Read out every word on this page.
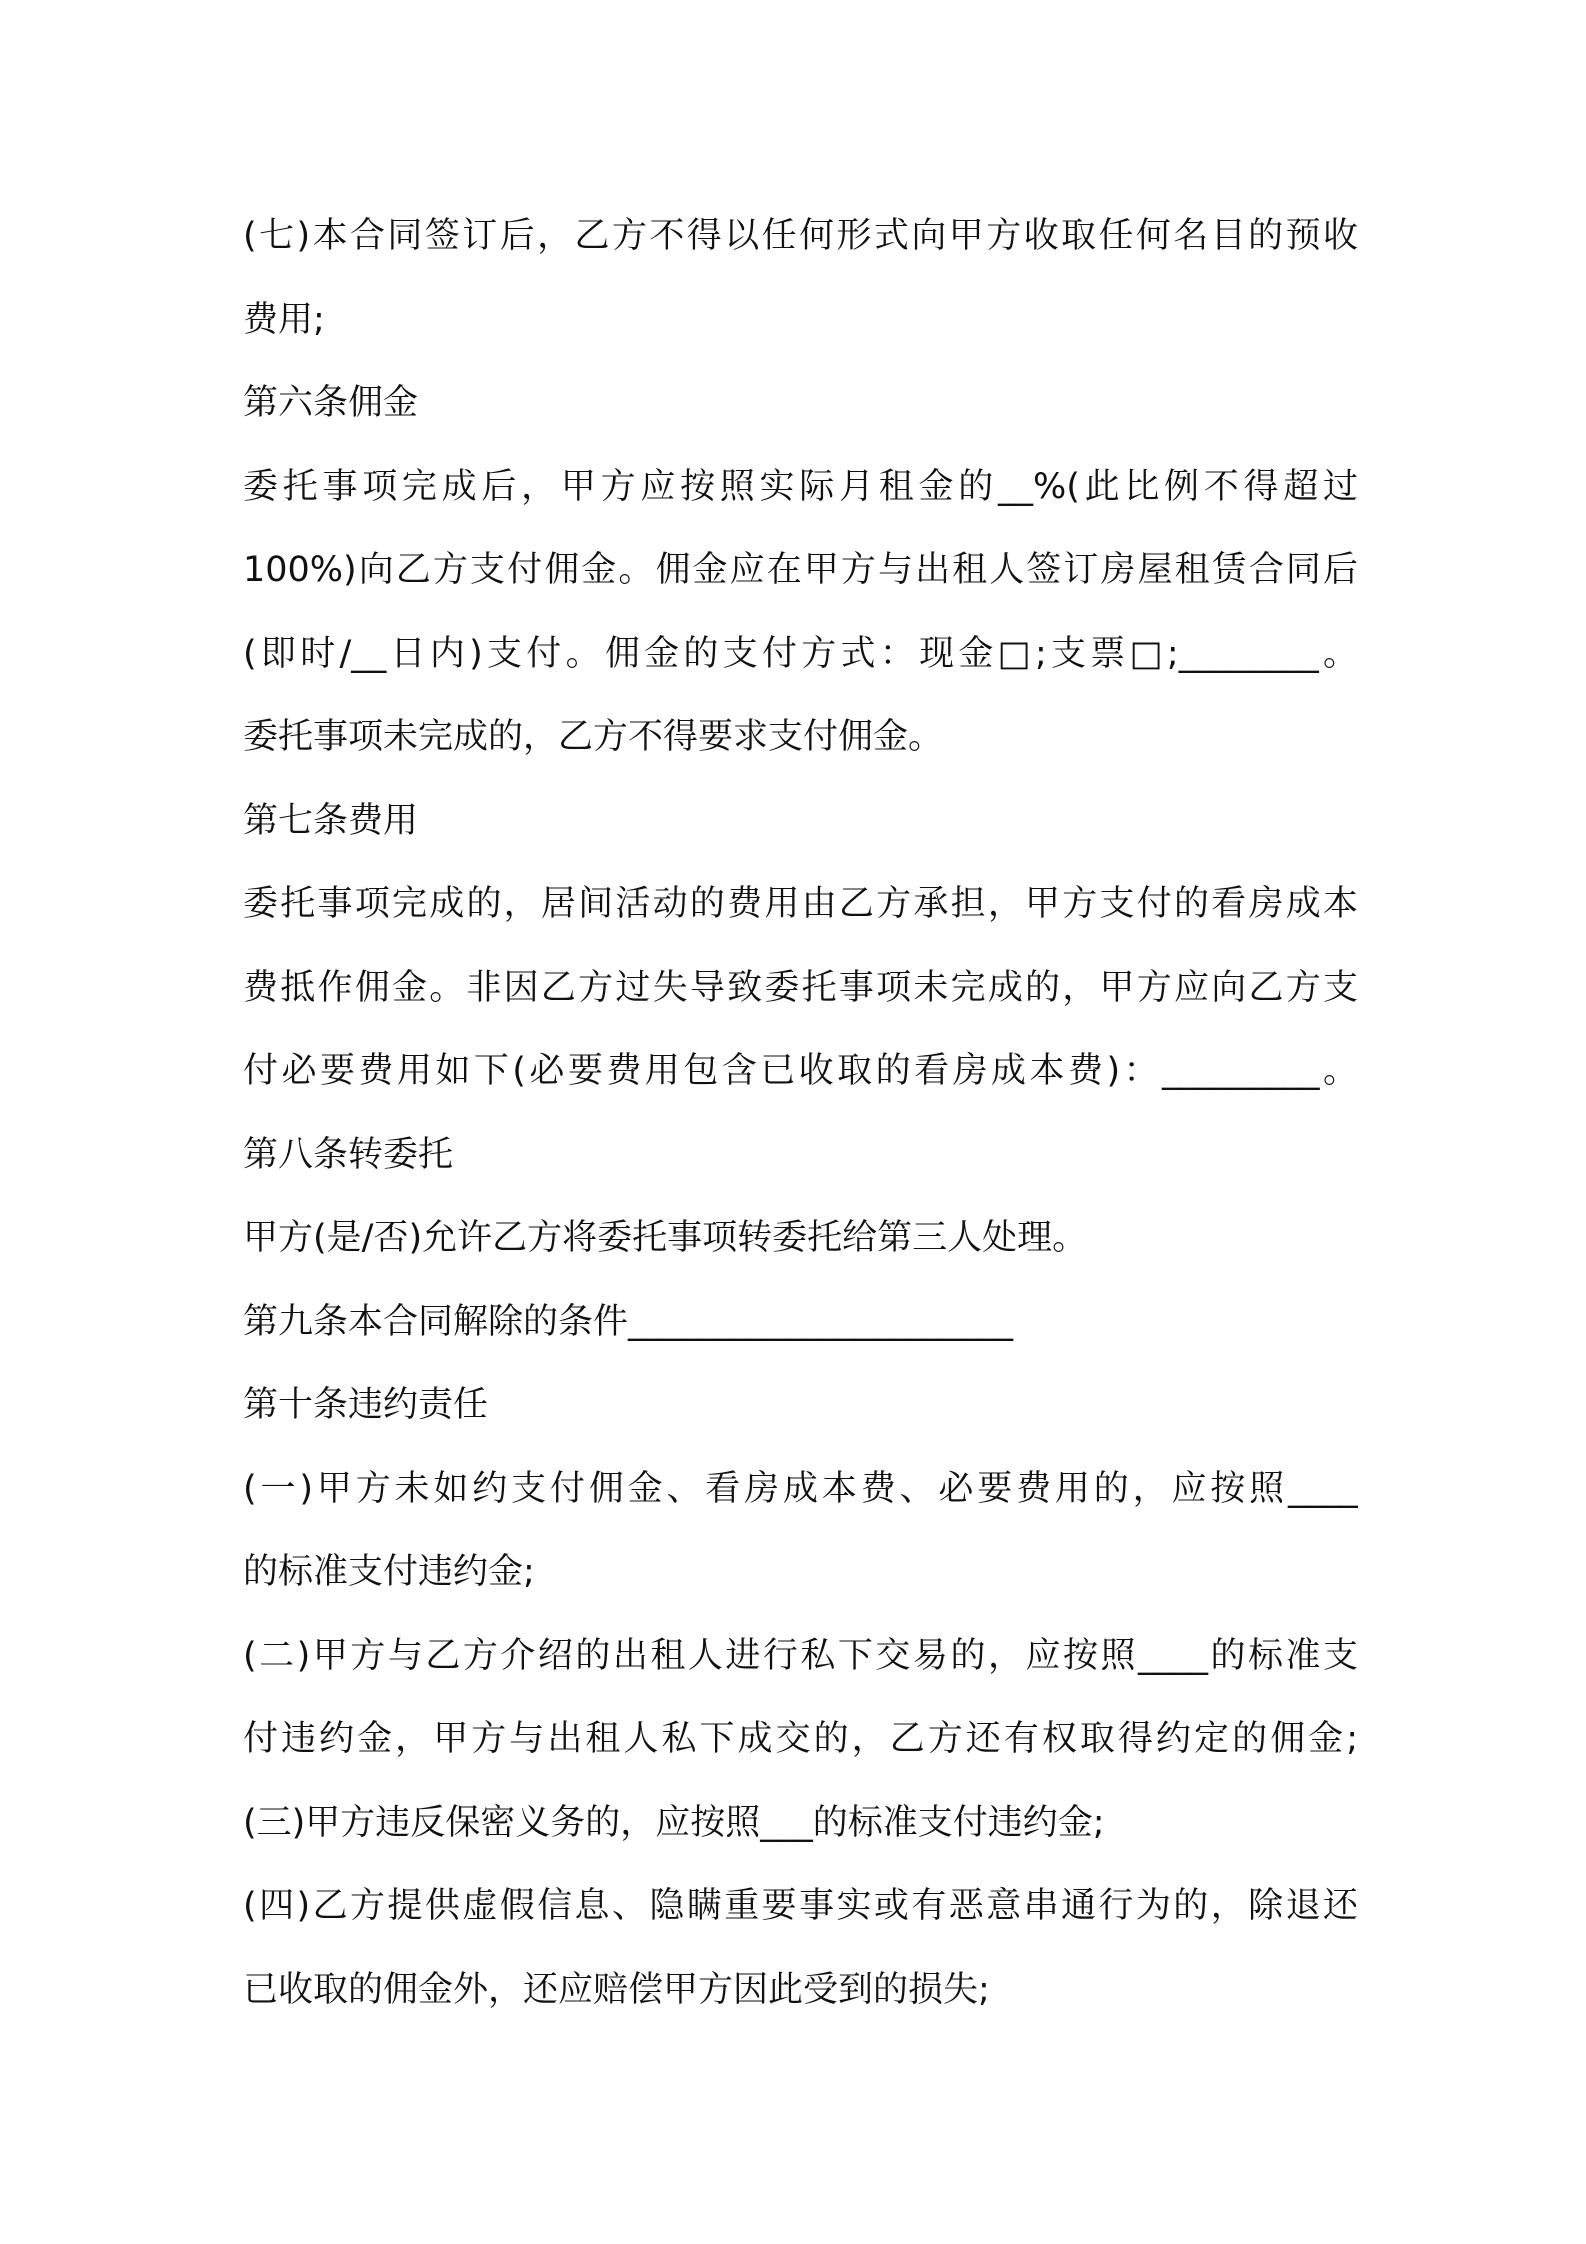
(七)本合同签订后，乙方不得以任何形式向甲方收取任何名目的预收

费用;

第六条佣金

委托事项完成后，甲方应按照实际月租金的__%(此比例不得超过

100%)向乙方支付佣金。佣金应在甲方与出租人签订房屋租赁合同后

(即时/__日内)支付。佣金的支付方式：现金□;支票□;________。

委托事项未完成的，乙方不得要求支付佣金。

第七条费用

委托事项完成的，居间活动的费用由乙方承担，甲方支付的看房成本

费抵作佣金。非因乙方过失导致委托事项未完成的，甲方应向乙方支

付必要费用如下(必要费用包含已收取的看房成本费)：_________。

第八条转委托

甲方(是/否)允许乙方将委托事项转委托给第三人处理。

第九条本合同解除的条件______________________

第十条违约责任

(一)甲方未如约支付佣金、看房成本费、必要费用的，应按照____

的标准支付违约金;

(二)甲方与乙方介绍的出租人进行私下交易的，应按照____的标准支

付违约金，甲方与出租人私下成交的，乙方还有权取得约定的佣金;

(三)甲方违反保密义务的，应按照___的标准支付违约金;

(四)乙方提供虚假信息、隐瞒重要事实或有恶意串通行为的，除退还

已收取的佣金外，还应赔偿甲方因此受到的损失;
